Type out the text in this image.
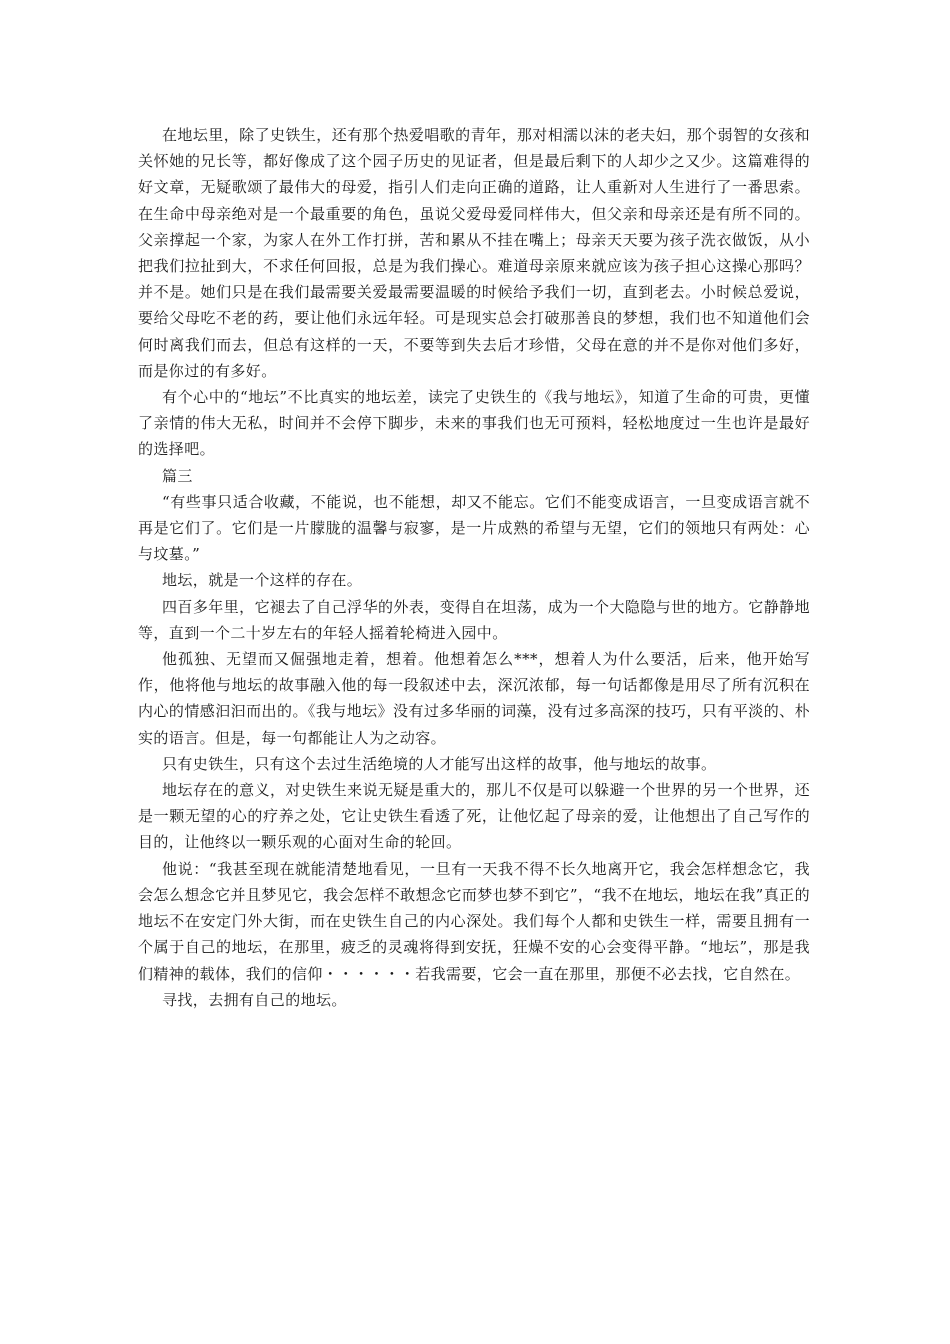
在地坛里，除了史铁生，还有那个热爱唱歌的青年，那对相濡以沫的老夫妇，那个弱智的女孩和关怀她的兄长等，都好像成了这个园子历史的见证者，但是最后剩下的人却少之又少。这篇难得的好文章，无疑歌颂了最伟大的母爱，指引人们走向正确的道路，让人重新对人生进行了一番思索。在生命中母亲绝对是一个最重要的角色，虽说父爱母爱同样伟大，但父亲和母亲还是有所不同的。父亲撑起一个家，为家人在外工作打拼，苦和累从不挂在嘴上；母亲天天要为孩子洗衣做饭，从小把我们拉扯到大，不求任何回报，总是为我们操心。难道母亲原来就应该为孩子担心这操心那吗？并不是。她们只是在我们最需要关爱最需要温暖的时候给予我们一切，直到老去。小时候总爱说，要给父母吃不老的药，要让他们永远年轻。可是现实总会打破那善良的梦想，我们也不知道他们会何时离我们而去，但总有这样的一天，不要等到失去后才珍惜，父母在意的并不是你对他们多好，而是你过的有多好。

有个心中的“地坛”不比真实的地坛差，读完了史铁生的《我与地坛》，知道了生命的可贵，更懂了亲情的伟大无私，时间并不会停下脚步，未来的事我们也无可预料，轻松地度过一生也许是最好的选择吧。

篇三

“有些事只适合收藏，不能说，也不能想，却又不能忘。它们不能变成语言，一旦变成语言就不再是它们了。它们是一片朦胧的温馨与寂寥，是一片成熟的希望与无望，它们的领地只有两处：心与坟墓。”

地坛，就是一个这样的存在。

四百多年里，它褪去了自己浮华的外表，变得自在坦荡，成为一个大隐隐与世的地方。它静静地等，直到一个二十岁左右的年轻人摇着轮椅进入园中。

他孤独、无望而又倔强地走着，想着。他想着怎么***，想着人为什么要活，后来，他开始写作，他将他与地坛的故事融入他的每一段叙述中去，深沉浓郁，每一句话都像是用尽了所有沉积在内心的情感汩汩而出的。《我与地坛》没有过多华丽的词藻，没有过多高深的技巧，只有平淡的、朴实的语言。但是，每一句都能让人为之动容。

只有史铁生，只有这个去过生活绝境的人才能写出这样的故事，他与地坛的故事。

地坛存在的意义，对史铁生来说无疑是重大的，那儿不仅是可以躲避一个世界的另一个世界，还是一颗无望的心的疗养之处，它让史铁生看透了死，让他忆起了母亲的爱，让他想出了自己写作的目的，让他终以一颗乐观的心面对生命的轮回。

他说：“我甚至现在就能清楚地看见，一旦有一天我不得不长久地离开它，我会怎样想念它，我会怎么想念它并且梦见它，我会怎样不敢想念它而梦也梦不到它”，“我不在地坛，地坛在我”真正的地坛不在安定门外大街，而在史铁生自己的内心深处。我们每个人都和史铁生一样，需要且拥有一个属于自己的地坛，在那里，疲乏的灵魂将得到安抚，狂燥不安的心会变得平静。“地坛”，那是我们精神的载体，我们的信仰・・・・・・若我需要，它会一直在那里，那便不必去找，它自然在。

寻找，去拥有自己的地坛。
